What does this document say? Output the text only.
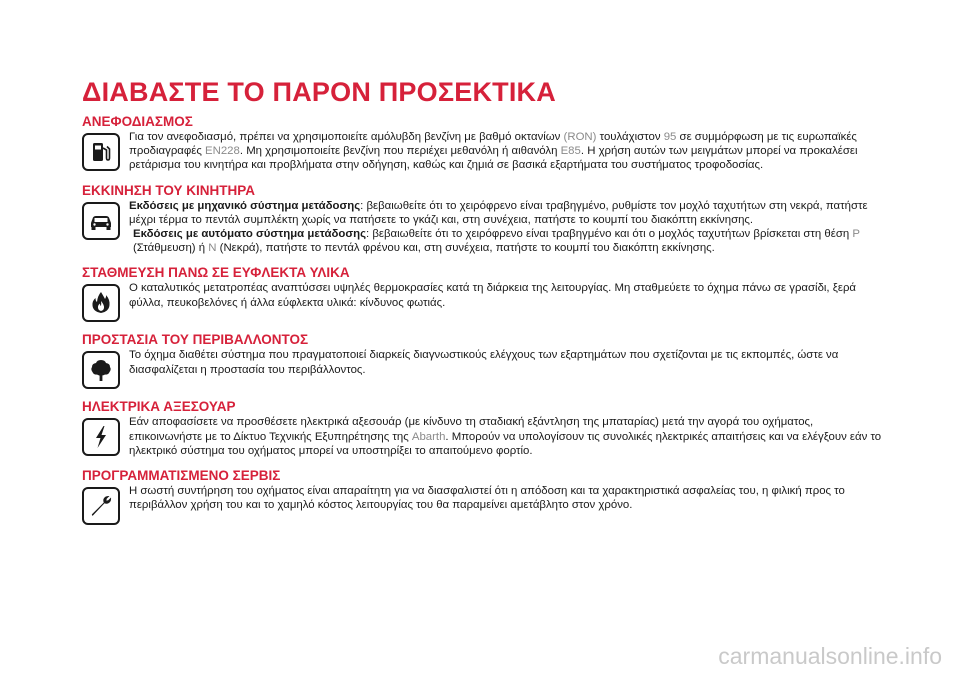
ΔΙΑΒΑΣΤΕ ΤΟ ΠΑΡΟΝ ΠΡΟΣΕΚΤΙΚΑ
ΑΝΕΦΟΔΙΑΣΜΟΣ

Για τον ανεφοδιασμό, πρέπει να χρησιμοποιείτε αμόλυβδη βενζίνη με βαθμό οκτανίων (RON) τουλάχιστον 95 σε συμμόρφωση με τις ευρωπαϊκές προδιαγραφές EN228. Μη χρησιμοποιείτε βενζίνη που περιέχει μεθανόλη ή αιθανόλη E85. Η χρήση αυτών των μειγμάτων μπορεί να προκαλέσει ρετάρισμα του κινητήρα και προβλήματα στην οδήγηση, καθώς και ζημιά σε βασικά εξαρτήματα του συστήματος τροφοδοσίας.

ΕΚΚΙΝΗΣΗ ΤΟΥ ΚΙΝΗΤΗΡΑ

Εκδόσεις με μηχανικό σύστημα μετάδοσης: βεβαιωθείτε ότι το χειρόφρενο είναι τραβηγμένο, ρυθμίστε τον μοχλό ταχυτήτων στη νεκρά, πατήστε μέχρι τέρμα το πεντάλ συμπλέκτη χωρίς να πατήσετε το γκάζι και, στη συνέχεια, πατήστε το κουμπί του διακόπτη εκκίνησης.

Εκδόσεις με αυτόματο σύστημα μετάδοσης: βεβαιωθείτε ότι το χειρόφρενο είναι τραβηγμένο και ότι ο μοχλός ταχυτήτων βρίσκεται στη θέση P (Στάθμευση) ή N (Νεκρά), πατήστε το πεντάλ φρένου και, στη συνέχεια, πατήστε το κουμπί του διακόπτη εκκίνησης.

ΣΤΑΘΜΕΥΣΗ ΠΑΝΩ ΣΕ ΕΥΦΛΕΚΤΑ ΥΛΙΚΑ

Ο καταλυτικός μετατροπέας αναπτύσσει υψηλές θερμοκρασίες κατά τη διάρκεια της λειτουργίας. Μη σταθμεύετε το όχημα πάνω σε γρασίδι, ξερά φύλλα, πευκοβελόνες ή άλλα εύφλεκτα υλικά: κίνδυνος φωτιάς.

ΠΡΟΣΤΑΣΙΑ ΤΟΥ ΠΕΡΙΒΑΛΛΟΝΤΟΣ

Το όχημα διαθέτει σύστημα που πραγματοποιεί διαρκείς διαγνωστικούς ελέγχους των εξαρτημάτων που σχετίζονται με τις εκπομπές, ώστε να διασφαλίζεται η προστασία του περιβάλλοντος.

ΗΛΕΚΤΡΙΚΑ ΑΞΕΣΟΥΑΡ

Εάν αποφασίσετε να προσθέσετε ηλεκτρικά αξεσουάρ (με κίνδυνο τη σταδιακή εξάντληση της μπαταρίας) μετά την αγορά του οχήματος, επικοινωνήστε με το Δίκτυο Τεχνικής Εξυπηρέτησης της Abarth. Μπορούν να υπολογίσουν τις συνολικές ηλεκτρικές απαιτήσεις και να ελέγξουν εάν το ηλεκτρικό σύστημα του οχήματος μπορεί να υποστηρίξει το απαιτούμενο φορτίο.

ΠΡΟΓΡΑΜΜΑΤΙΣΜΕΝΟ ΣΕΡΒΙΣ

Η σωστή συντήρηση του οχήματος είναι απαραίτητη για να διασφαλιστεί ότι η απόδοση και τα χαρακτηριστικά ασφαλείας του, η φιλική προς το περιβάλλον χρήση του και το χαμηλό κόστος λειτουργίας του θα παραμείνει αμετάβλητο στον χρόνο.

carmanualsonline.info
